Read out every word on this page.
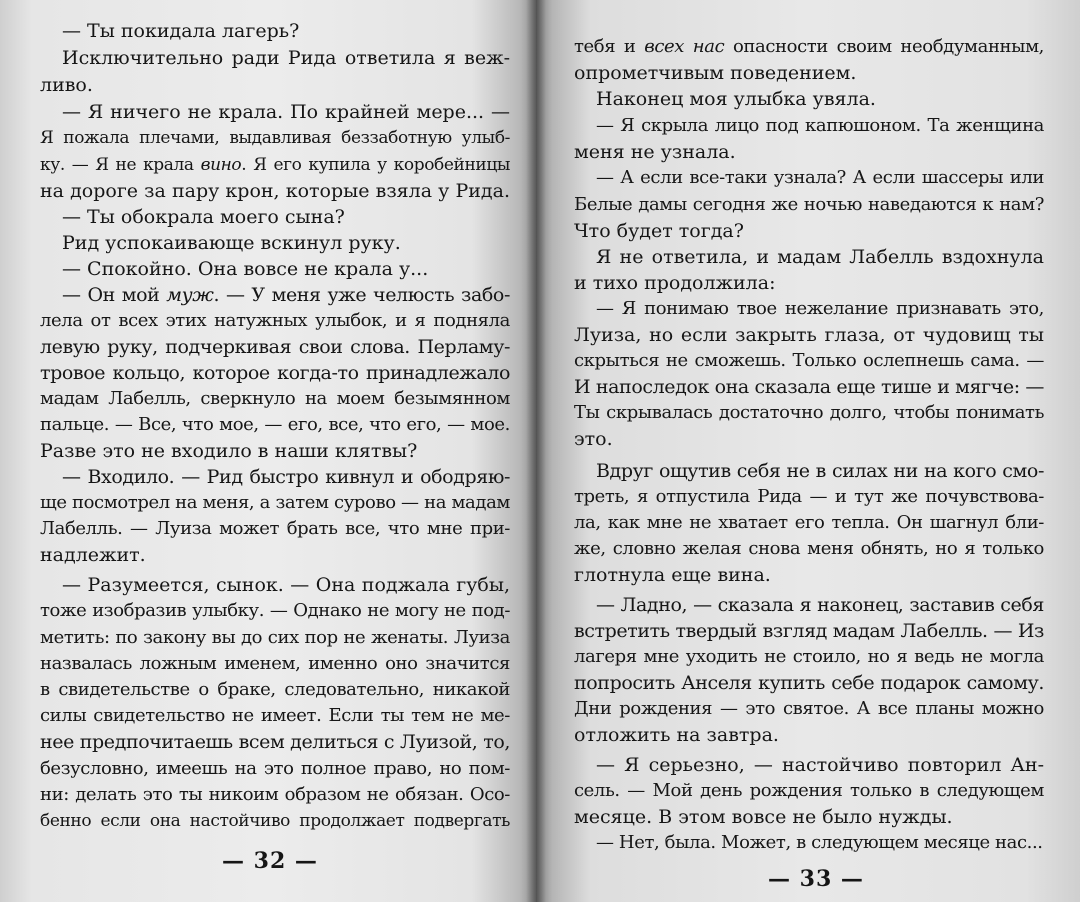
— Ты покидала лагерь?
Исключительно ради Рида ответила я веж-
ливо.
— Я ничего не крала. По крайней мере... —
Я пожала плечами, выдавливая беззаботную улыб-
ку. — Я не крала вино. Я его купила у коробейницы
на дороге за пару крон, которые взяла у Рида.
— Ты обокрала моего сына?
Рид успокаивающе вскинул руку.
— Спокойно. Она вовсе не крала у...
— Он мой муж. — У меня уже челюсть забо-
лела от всех этих натужных улыбок, и я подняла
левую руку, подчеркивая свои слова. Перламу-
тровое кольцо, которое когда-то принадлежало
мадам Лабелль, сверкнуло на моем безымянном
пальце. — Все, что мое, — его, все, что его, — мое.
Разве это не входило в наши клятвы?
— Входило. — Рид быстро кивнул и ободряю-
ще посмотрел на меня, а затем сурово — на мадам
Лабелль. — Луиза может брать все, что мне при-
надлежит.
— Разумеется, сынок. — Она поджала губы,
тоже изобразив улыбку. — Однако не могу не под-
метить: по закону вы до сих пор не женаты. Луиза
назвалась ложным именем, именно оно значится
в свидетельстве о браке, следовательно, никакой
силы свидетельство не имеет. Если ты тем не ме-
нее предпочитаешь всем делиться с Луизой, то,
безусловно, имеешь на это полное право, но пом-
ни: делать это ты никоим образом не обязан. Осо-
бенно если она настойчиво продолжает подвергать
— 32 —
тебя и всех нас опасности своим необдуманным,
опрометчивым поведением.
Наконец моя улыбка увяла.
— Я скрыла лицо под капюшоном. Та женщина
меня не узнала.
— А если все-таки узнала? А если шассеры или
Белые дамы сегодня же ночью наведаются к нам?
Что будет тогда?
Я не ответила, и мадам Лабелль вздохнула
и тихо продолжила:
— Я понимаю твое нежелание признавать это,
Луиза, но если закрыть глаза, от чудовищ ты
скрыться не сможешь. Только ослепнешь сама. —
И напоследок она сказала еще тише и мягче: —
Ты скрывалась достаточно долго, чтобы понимать
это.
Вдруг ощутив себя не в силах ни на кого смо-
треть, я отпустила Рида — и тут же почувствова-
ла, как мне не хватает его тепла. Он шагнул бли-
же, словно желая снова меня обнять, но я только
глотнула еще вина.
— Ладно, — сказала я наконец, заставив себя
встретить твердый взгляд мадам Лабелль. — Из
лагеря мне уходить не стоило, но я ведь не могла
попросить Анселя купить себе подарок самому.
Дни рождения — это святое. А все планы можно
отложить на завтра.
— Я серьезно, — настойчиво повторил Ан-
сель. — Мой день рождения только в следующем
месяце. В этом вовсе не было нужды.
— Нет, была. Может, в следующем месяце нас...
— 33 —
